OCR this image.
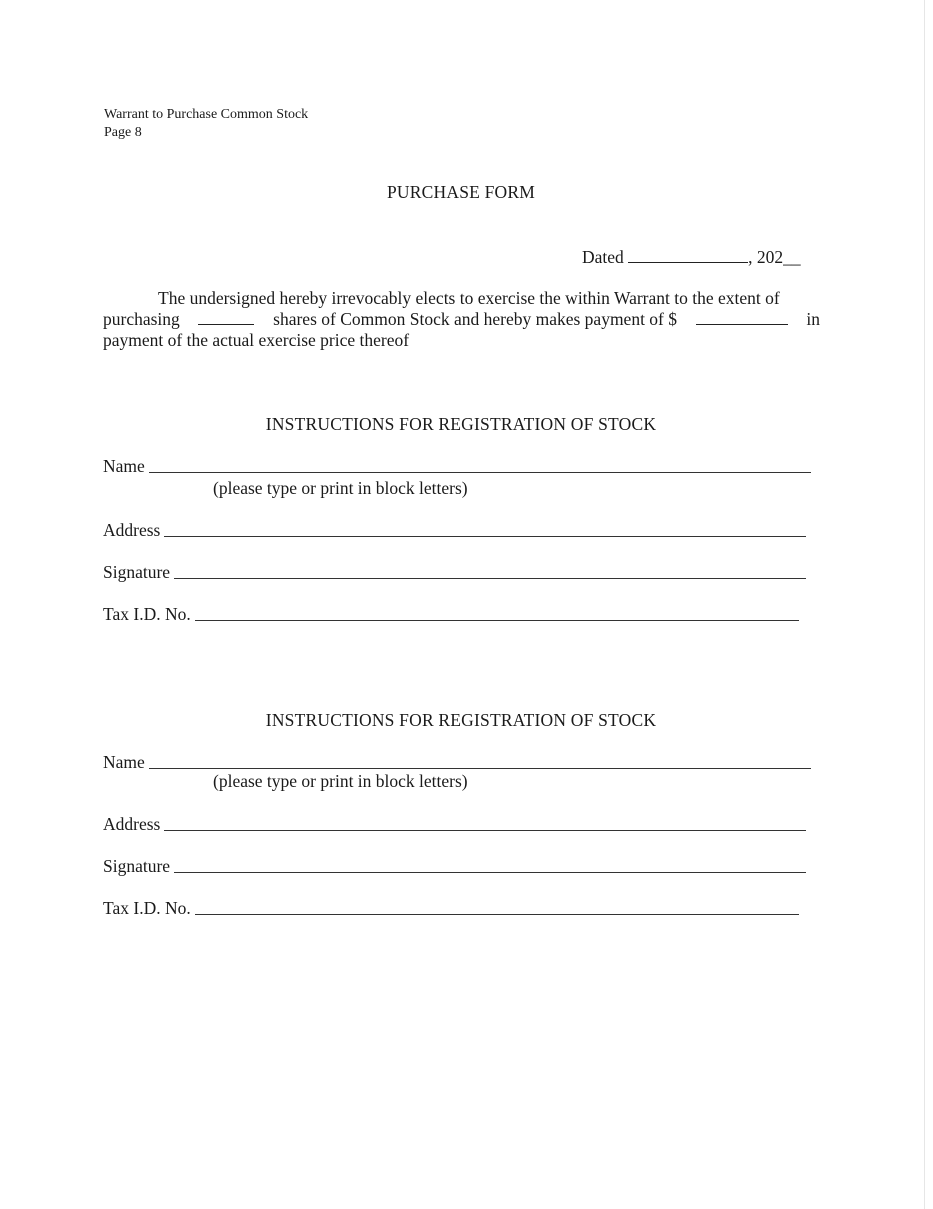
Warrant to Purchase Common Stock
Page 8
PURCHASE FORM
Dated	, 202__
The undersigned hereby irrevocably elects to exercise the within Warrant to the extent of
purchasing	shares of Common Stock and hereby makes payment of $	in
payment of the actual exercise price thereof
INSTRUCTIONS FOR REGISTRATION OF STOCK
Name
(please type or print in block letters)
Address
Signature
Tax I.D. No.
INSTRUCTIONS FOR REGISTRATION OF STOCK
Name
(please type or print in block letters)
Address
Signature
Tax I.D. No.
